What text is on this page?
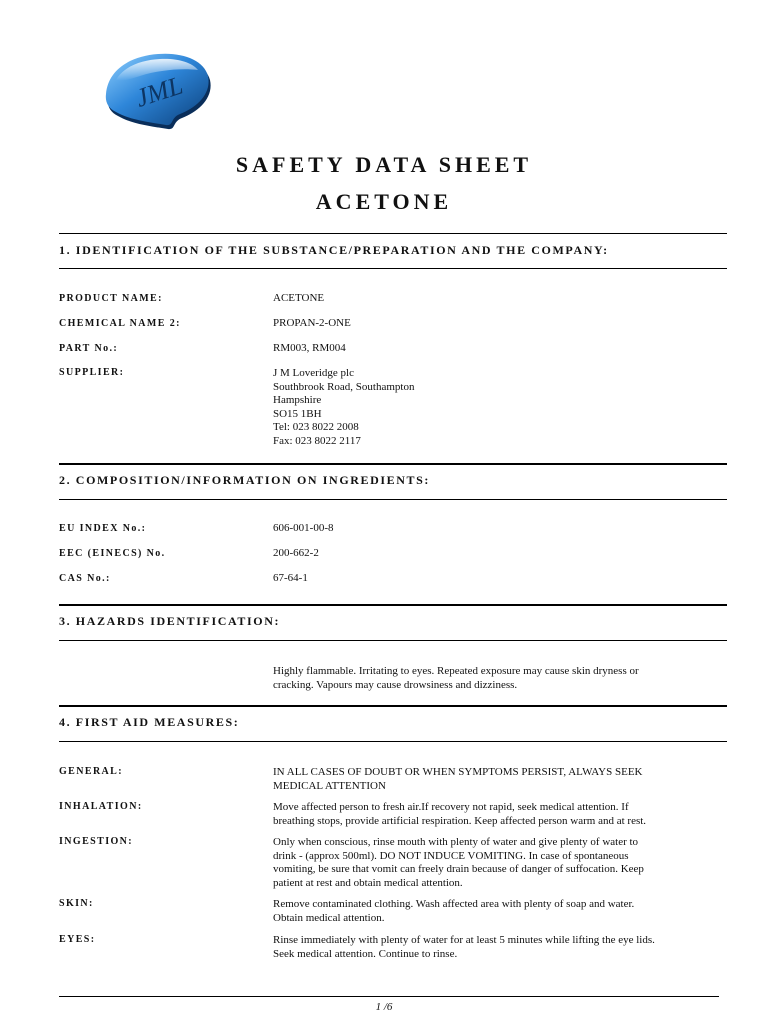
JML
SAFETY DATA SHEET
ACETONE
1. IDENTIFICATION OF THE SUBSTANCE/PREPARATION AND THE COMPANY:
PRODUCT NAME:	ACETONE
CHEMICAL NAME 2:	PROPAN-2-ONE
PART No.:	RM003, RM004
SUPPLIER:	J M Loveridge plc
Southbrook Road, Southampton
Hampshire
SO15 1BH
Tel: 023 8022 2008
Fax: 023 8022 2117
2. COMPOSITION/INFORMATION ON INGREDIENTS:
EU INDEX No.:	606-001-00-8
EEC (EINECS) No.	200-662-2
CAS No.:	67-64-1
3. HAZARDS IDENTIFICATION:
Highly flammable. Irritating to eyes. Repeated exposure may cause skin dryness or
cracking. Vapours may cause drowsiness and dizziness.
4. FIRST AID MEASURES:
GENERAL:	IN ALL CASES OF DOUBT OR WHEN SYMPTOMS PERSIST, ALWAYS SEEK
MEDICAL ATTENTION
INHALATION:	Move affected person to fresh air.If recovery not rapid, seek medical attention. If
breathing stops, provide artificial respiration. Keep affected person warm and at rest.
INGESTION:	Only when conscious, rinse mouth with plenty of water and give plenty of water to
drink - (approx 500ml). DO NOT INDUCE VOMITING. In case of spontaneous
vomiting, be sure that vomit can freely drain because of danger of suffocation. Keep
patient at rest and obtain medical attention.
SKIN:	Remove contaminated clothing. Wash affected area with plenty of soap and water.
Obtain medical attention.
EYES:	Rinse immediately with plenty of water for at least 5 minutes while lifting the eye lids.
Seek medical attention. Continue to rinse.
1 /6
